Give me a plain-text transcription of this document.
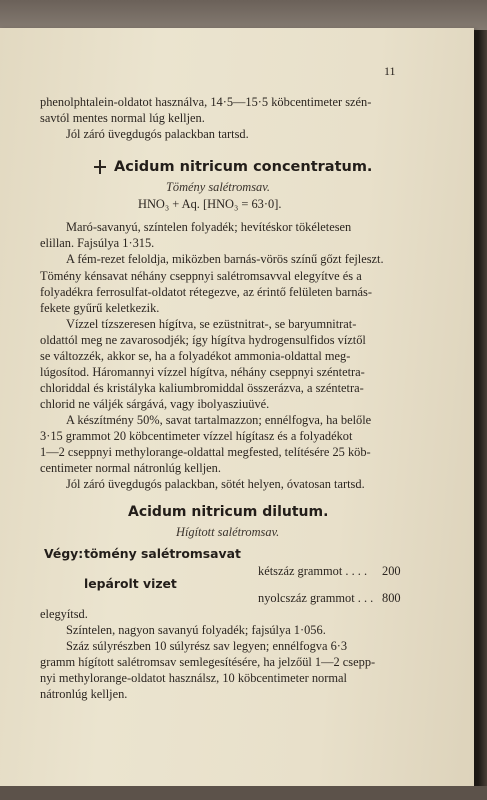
11
phenolphtalein-oldatot használva, 14·5—15·5 köbcentimeter szén-
savtól mentes normal lúg kelljen.
Jól záró üvegdugós palackban tartsd.
Acidum nitricum concentratum.
Tömény salétromsav.
HNO₃ + Aq. [HNO₃ = 63·0].
Maró-savanyú, színtelen folyadék; hevítéskor tökéletesen
elillan. Fajsúlya 1·315.
A fém-rezet feloldja, miközben barnás-vörös színű gőzt fejleszt.
Tömény kénsavat néhány cseppnyi salétromsavval elegyítve és a
folyadékra ferrosulfat-oldatot rétegezve, az érintő felületen barnás-
fekete gyűrű keletkezik.
Vízzel tízszeresen hígítva, se ezüstnitrat-, se baryumnitrat-
oldattól meg ne zavarosodjék; így hígítva hydrogensulfidos víztől
se változzék, akkor se, ha a folyadékot ammonia-oldattal meg-
lúgosítod. Háromannyi vízzel hígítva, néhány cseppnyi széntetra-
chloriddal és kristályka kaliumbromiddal összerázva, a széntetra-
chlorid ne váljék sárgává, vagy ibolyasziuüvé.
A készítmény 50%, savat tartalmazzon; ennélfogva, ha belőle
3·15 grammot 20 köbcentimeter vízzel hígítasz és a folyadékot
1—2 cseppnyi methylorange-oldattal megfested, telítésére 25 köb-
centimeter normal nátronlúg kelljen.
Jól záró üvegdugós palackban, sötét helyen, óvatosan tartsd.
Acidum nitricum dilutum.
Hígított salétromsav.
Végy: tömény salétromsavat
kétszáz grammot . . . . 200
lepárolt vizet
nyolcszáz grammot . . . 800
elegyítsd.
Színtelen, nagyon savanyú folyadék; fajsúlya 1·056.
Száz súlyrészben 10 súlyrész sav legyen; ennélfogva 6·3
gramm hígított salétromsav semlegesítésére, ha jelzőül 1—2 csepp-
nyi methylorange-oldatot használsz, 10 köbcentimeter normal
nátronlúg kelljen.
